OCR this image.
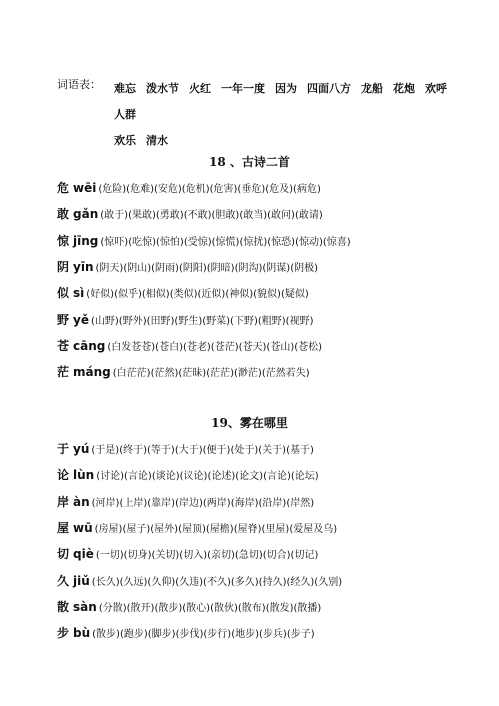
词语表： 难忘 泼水节 火红 一年一度 因为 四面八方 龙船 花炮 欢呼人群
欢乐 清水
18 、古诗二首
危 wēi (危险)(危难)(安危)(危机)(危害)(垂危)(危及)(病危)
敢 gǎn (敢于)(果敢)(勇敢)(不敢)(胆敢)(敢当)(敢问)(敢请)
惊 jīng (惊吓)(吃惊)(惊怕)(受惊)(惊慌)(惊扰)(惊恐)(惊动)(惊喜)
阴 yīn (阴天)(阴山)(阴雨)(阴阳)(阴暗)(阴沟)(阴谋)(阴极)
似 sì (好似)(似乎)(相似)(类似)(近似)(神似)(貌似)(疑似)
野 yě (山野)(野外)(田野)(野生)(野菜)(下野)(粗野)(视野)
苍 cāng (白发苍苍)(苍白)(苍老)(苍茫)(苍天)(苍山)(苍松)
茫 máng (白茫茫)(茫然)(茫昧)(茫茫)(渺茫)(茫然若失)
19、雾在哪里
于 yú (于是)(终于)(等于)(大于)(便于)(处于)(关于)(基于)
论 lùn (讨论)(言论)(谈论)(议论)(论述)(论文)(言论)(论坛)
岸 àn (河岸)(上岸)(靠岸)(岸边)(两岸)(海岸)(沿岸)(岸然)
屋 wū (房屋)(屋子)(屋外)(屋顶)(屋檐)(屋脊)(里屋)(爱屋及乌)
切 qiè (一切)(切身)(关切)(切入)(亲切)(急切)(切合)(切记)
久 jiǔ (长久)(久远)(久仰)(久违)(不久)(多久)(持久)(经久)(久别)
散 sàn (分散)(散开)(散步)(散心)(散伙)(散布)(散发)(散播)
步 bù (散步)(跑步)(脚步)(步伐)(步行)(地步)(步兵)(步子)
